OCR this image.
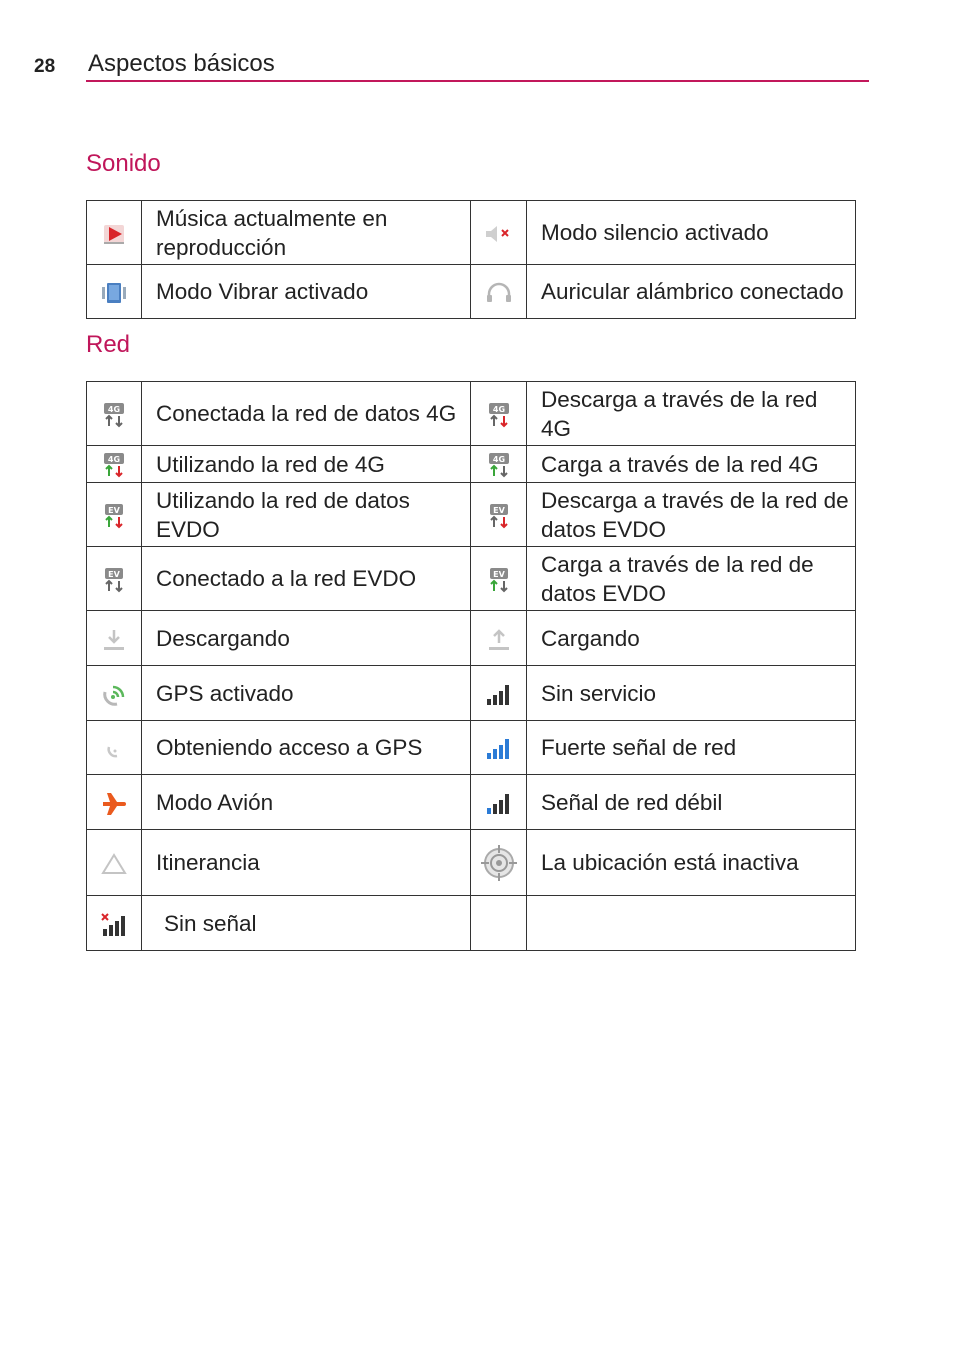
28 Aspectos básicos
Sonido
	Música actualmente en reproducción		Modo silencio activado

	Modo Vibrar activado		Auricular alámbrico conectado
Red
4G	Conectada la red de datos 4G	4G	Descarga a través de la red 4G

4G	Utilizando la red de 4G	4G	Carga a través de la red 4G

EV	Utilizando la red de datos EVDO	EV	Descarga a través de la red de datos EVDO

EV	Conectado a la red EVDO	EV	Carga a través de la red de datos EVDO

	Descargando		Cargando

	GPS activado		Sin servicio

	Obteniendo acceso a GPS		Fuerte señal de red

	Modo Avión		Señal de red débil

	Itinerancia		La ubicación está inactiva

	Sin señal		
